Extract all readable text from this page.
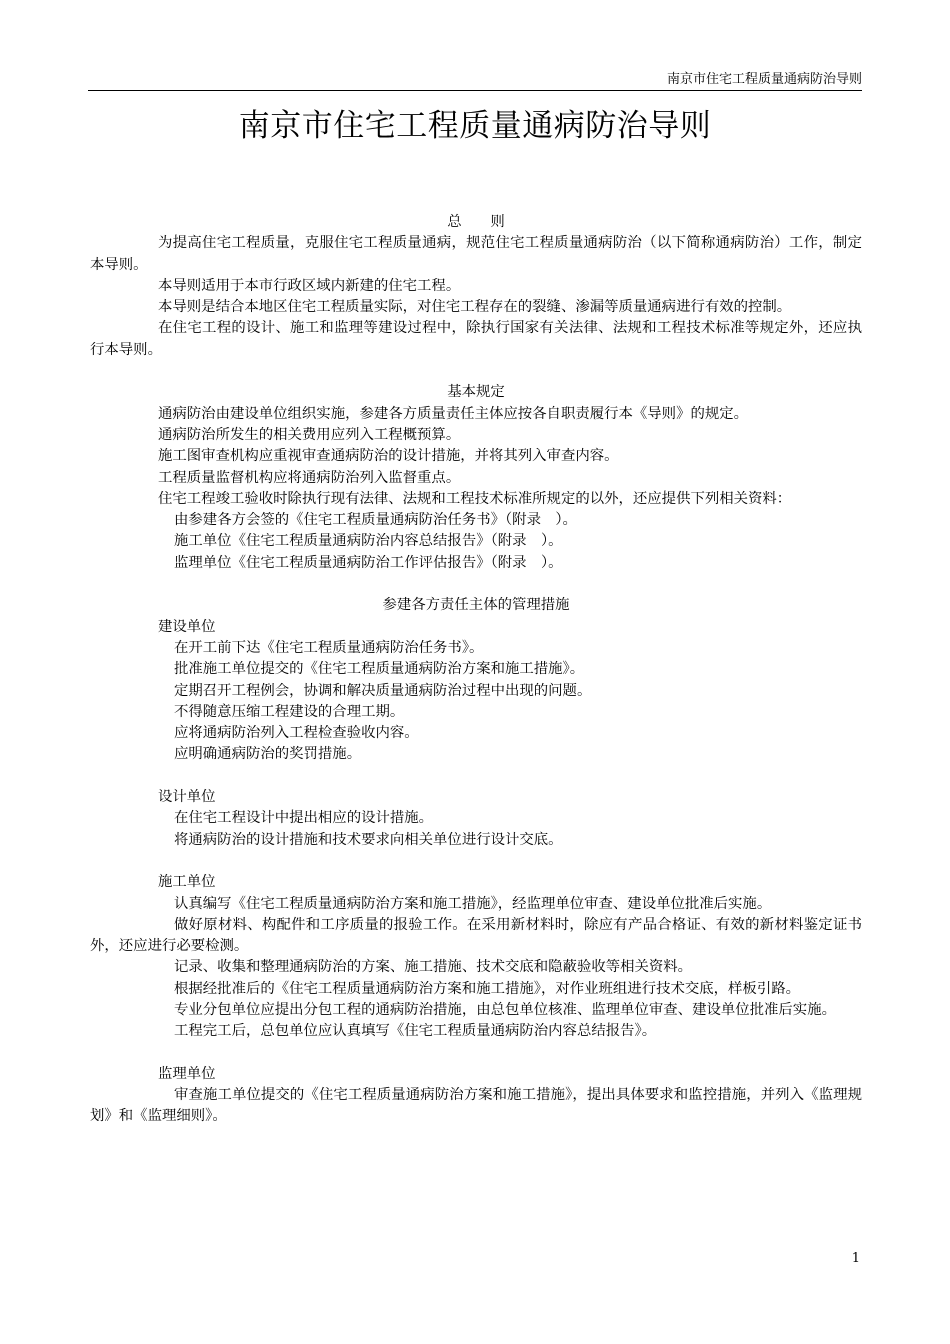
南京市住宅工程质量通病防治导则
南京市住宅工程质量通病防治导则

总　　则

为提高住宅工程质量，克服住宅工程质量通病，规范住宅工程质量通病防治（以下简称通病防治）工作，制定本导则。

本导则适用于本市行政区域内新建的住宅工程。

本导则是结合本地区住宅工程质量实际，对住宅工程存在的裂缝、渗漏等质量通病进行有效的控制。

在住宅工程的设计、施工和监理等建设过程中，除执行国家有关法律、法规和工程技术标准等规定外，还应执行本导则。

基本规定

通病防治由建设单位组织实施，参建各方质量责任主体应按各自职责履行本《导则》的规定。

通病防治所发生的相关费用应列入工程概预算。

施工图审查机构应重视审查通病防治的设计措施，并将其列入审查内容。

工程质量监督机构应将通病防治列入监督重点。

住宅工程竣工验收时除执行现有法律、法规和工程技术标准所规定的以外，还应提供下列相关资料：

由参建各方会签的《住宅工程质量通病防治任务书》（附录　）。

施工单位《住宅工程质量通病防治内容总结报告》（附录　）。

监理单位《住宅工程质量通病防治工作评估报告》（附录　）。

参建各方责任主体的管理措施

建设单位

在开工前下达《住宅工程质量通病防治任务书》。

批准施工单位提交的《住宅工程质量通病防治方案和施工措施》。

定期召开工程例会，协调和解决质量通病防治过程中出现的问题。

不得随意压缩工程建设的合理工期。

应将通病防治列入工程检查验收内容。

应明确通病防治的奖罚措施。

设计单位

在住宅工程设计中提出相应的设计措施。

将通病防治的设计措施和技术要求向相关单位进行设计交底。

施工单位

认真编写《住宅工程质量通病防治方案和施工措施》，经监理单位审查、建设单位批准后实施。

做好原材料、构配件和工序质量的报验工作。在采用新材料时，除应有产品合格证、有效的新材料鉴定证书外，还应进行必要检测。

记录、收集和整理通病防治的方案、施工措施、技术交底和隐蔽验收等相关资料。

根据经批准后的《住宅工程质量通病防治方案和施工措施》，对作业班组进行技术交底，样板引路。

专业分包单位应提出分包工程的通病防治措施，由总包单位核准、监理单位审查、建设单位批准后实施。

工程完工后，总包单位应认真填写《住宅工程质量通病防治内容总结报告》。

监理单位

审查施工单位提交的《住宅工程质量通病防治方案和施工措施》，提出具体要求和监控措施，并列入《监理规划》和《监理细则》。

1
